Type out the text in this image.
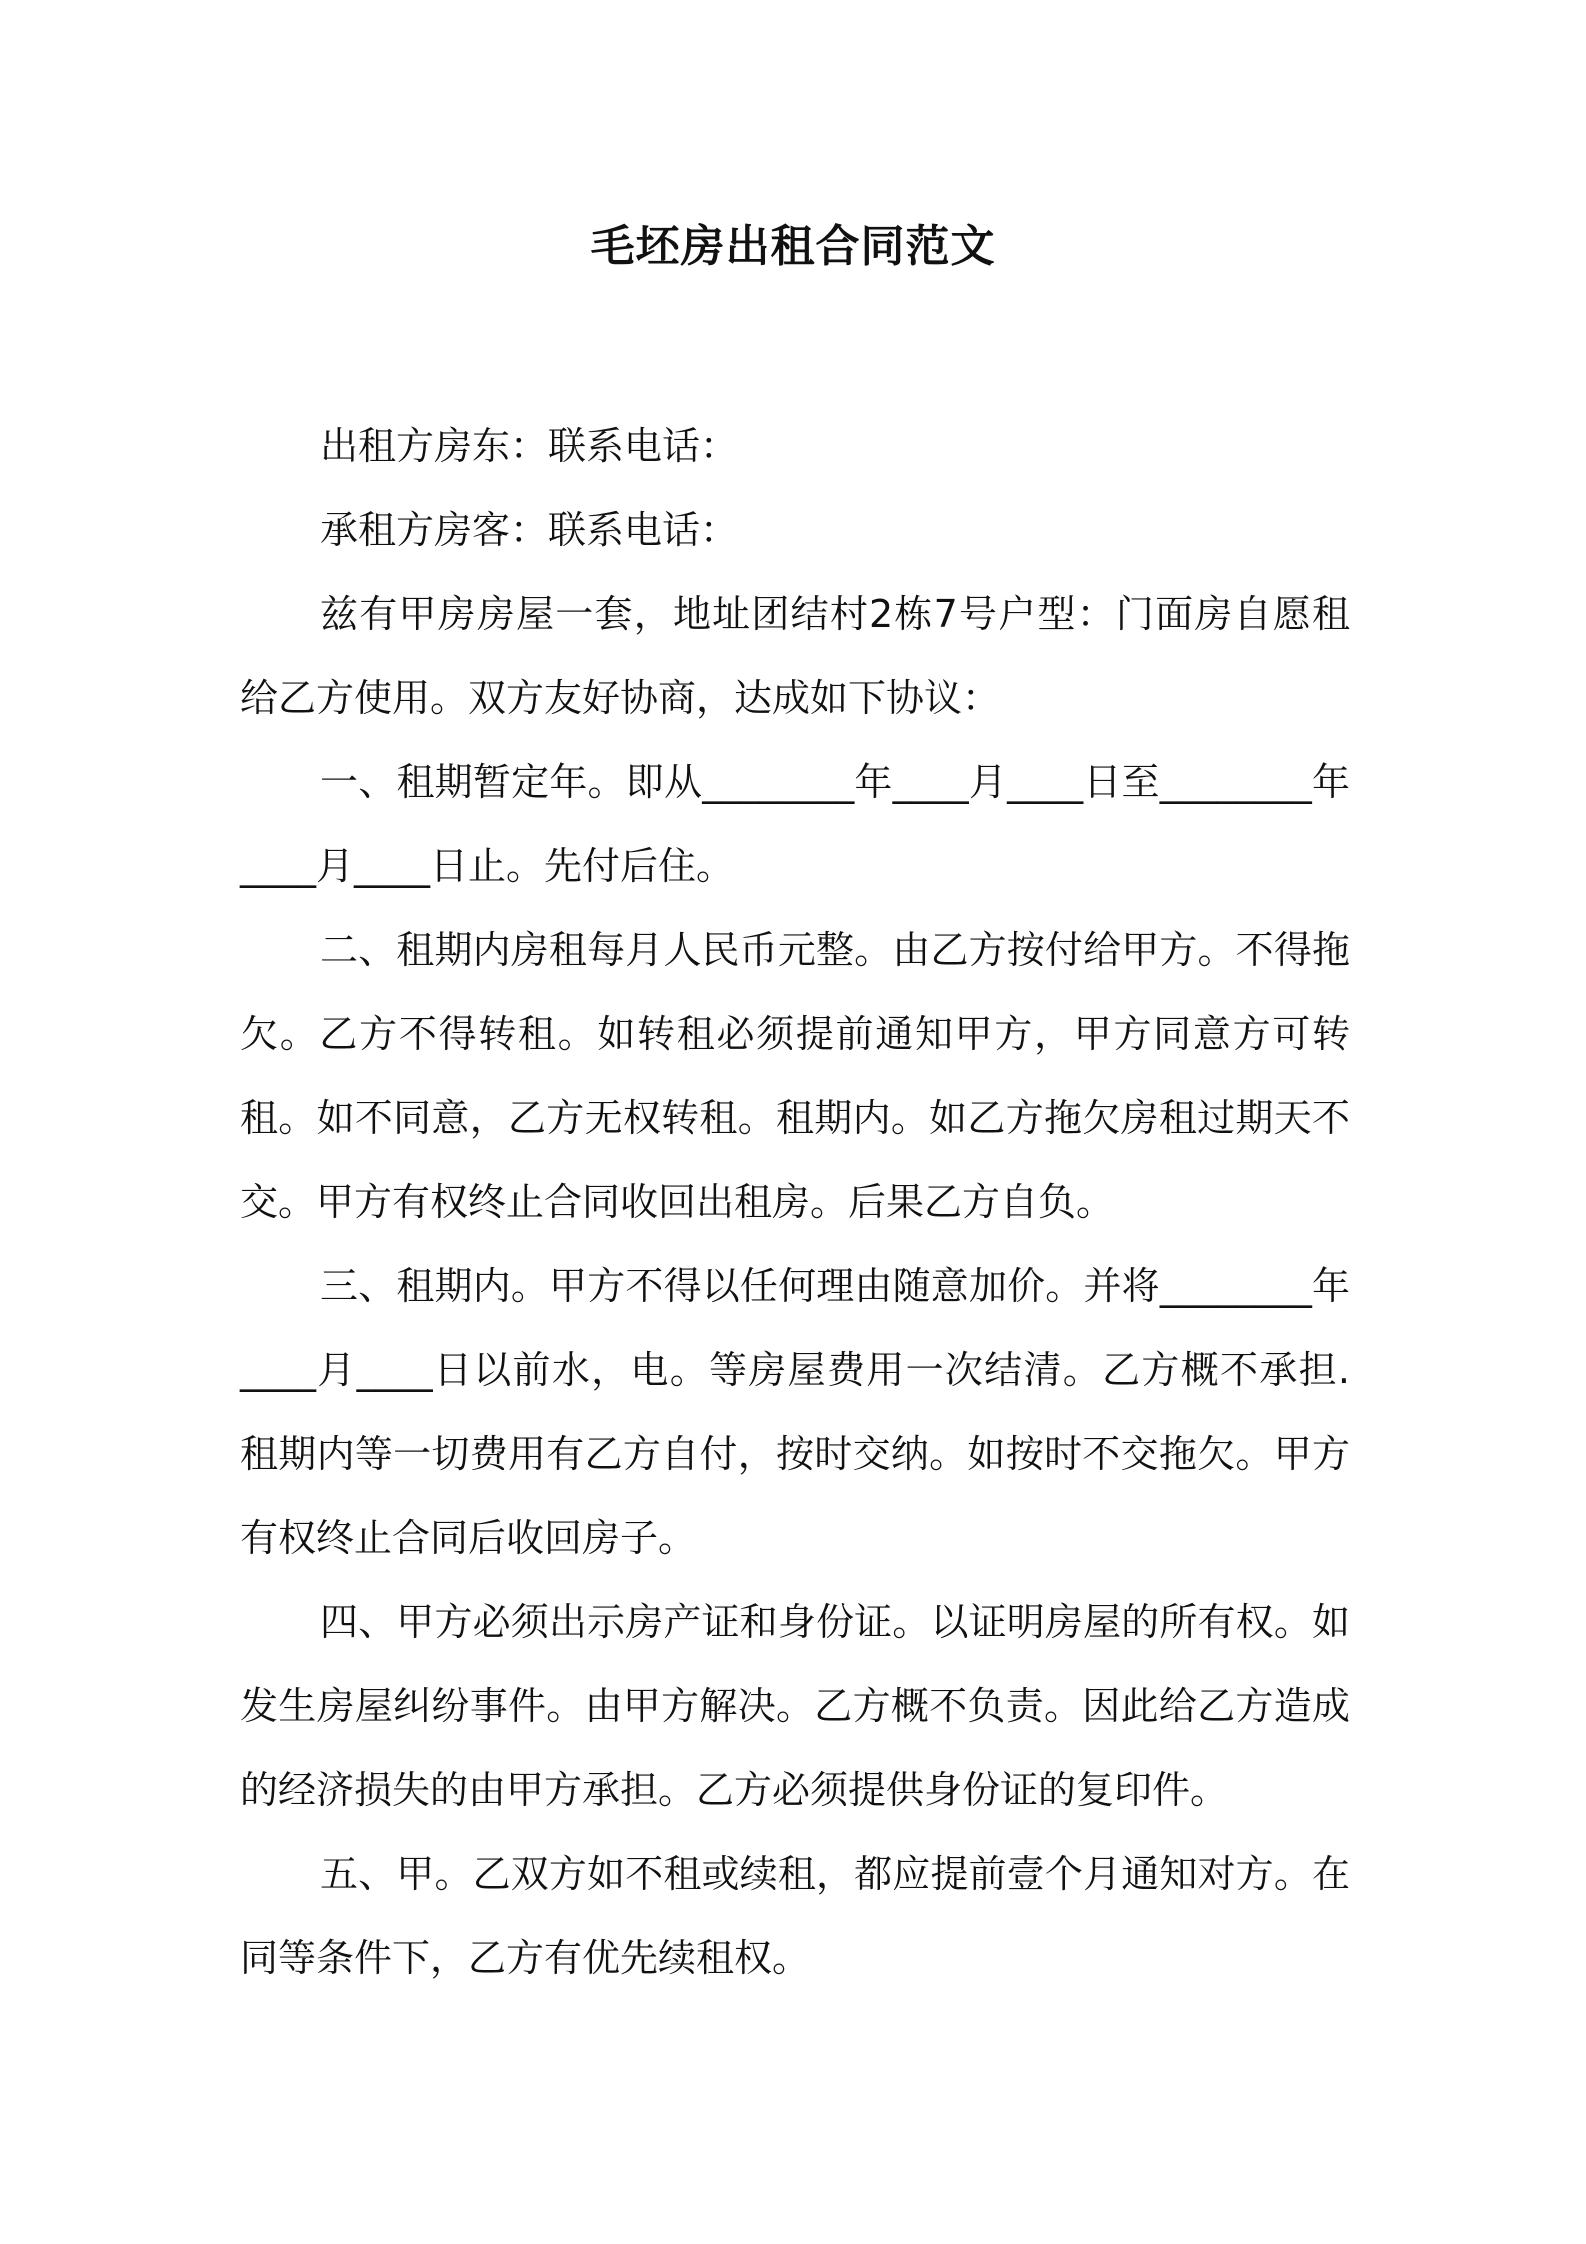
毛坯房出租合同范文

出租方房东：联系电话：

承租方房客：联系电话：

兹有甲房房屋一套，地址团结村2栋7号户型：门面房自愿租给乙方使用。双方友好协商，达成如下协议：

一、租期暂定年。即从________年____月____日至________年____月____日止。先付后住。

二、租期内房租每月人民币元整。由乙方按付给甲方。不得拖欠。乙方不得转租。如转租必须提前通知甲方，甲方同意方可转租。如不同意，乙方无权转租。租期内。如乙方拖欠房租过期天不交。甲方有权终止合同收回出租房。后果乙方自负。

三、租期内。甲方不得以任何理由随意加价。并将________年____月____日以前水，电。等房屋费用一次结清。乙方概不承担.租期内等一切费用有乙方自付，按时交纳。如按时不交拖欠。甲方有权终止合同后收回房子。

四、甲方必须出示房产证和身份证。以证明房屋的所有权。如发生房屋纠纷事件。由甲方解决。乙方概不负责。因此给乙方造成的经济损失的由甲方承担。乙方必须提供身份证的复印件。

五、甲。乙双方如不租或续租，都应提前壹个月通知对方。在同等条件下，乙方有优先续租权。
